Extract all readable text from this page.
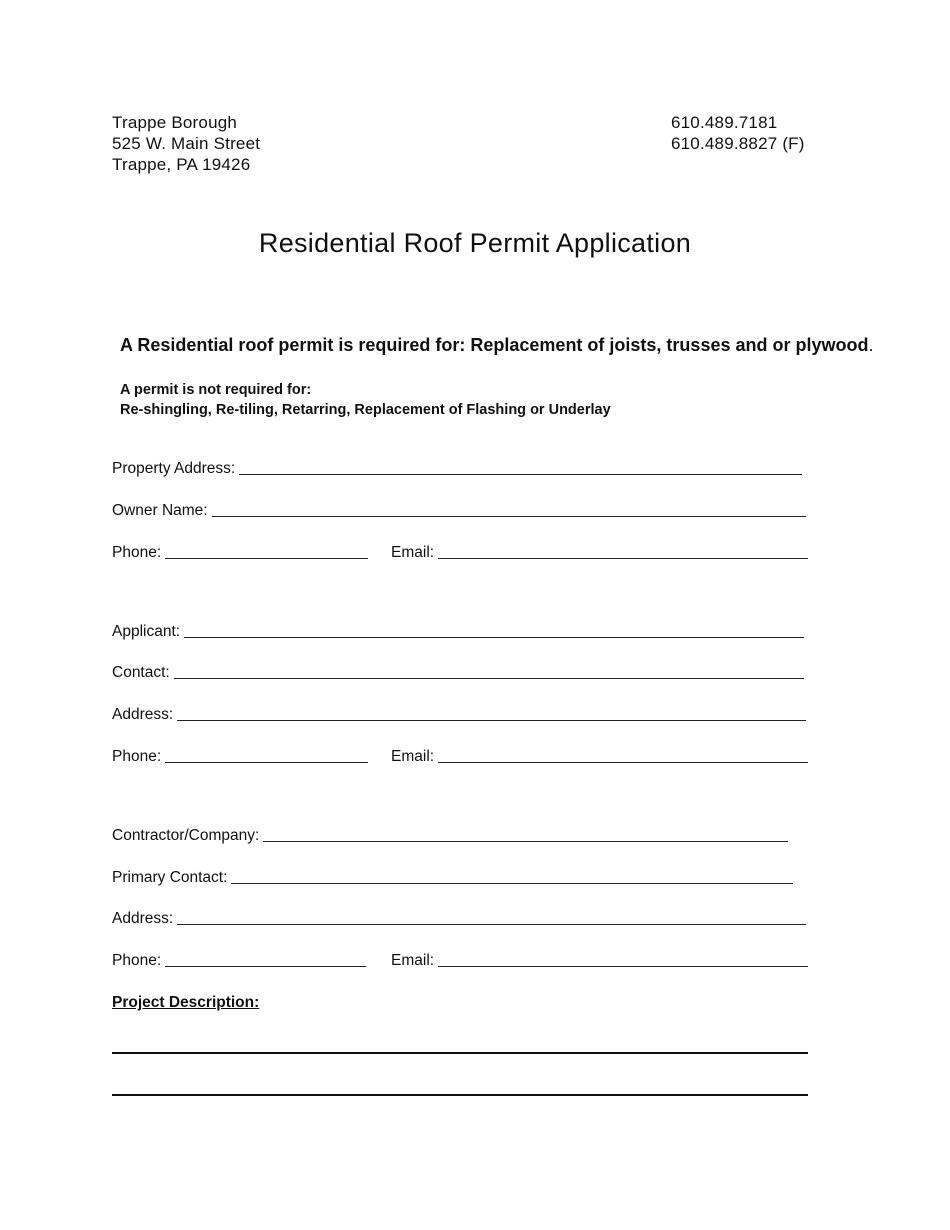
Trappe Borough
525 W. Main Street
Trappe, PA 19426
610.489.7181
610.489.8827 (F)
Residential Roof Permit Application
A Residential roof permit is required for: Replacement of joists, trusses and or plywood.
A permit is not required for:
Re-shingling, Re-tiling, Retarring, Replacement of Flashing or Underlay
Property Address:
Owner Name:
Phone:	Email:
Applicant:
Contact:
Address:
Phone:	Email:
Contractor/Company:
Primary Contact:
Address:
Phone:	Email:
Project Description:
